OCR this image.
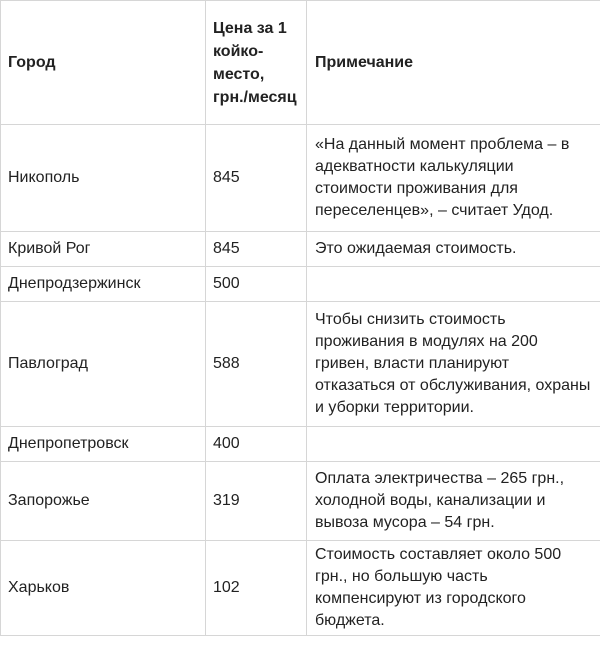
Город	Цена за 1 койко-место, грн./месяц	Примечание
Никополь	845	«На данный момент проблема – в адекватности калькуляции стоимости проживания для переселенцев», – считает Удод.
Кривой Рог	845	Это ожидаемая стоимость.
Днепродзержинск	500	
Павлоград	588	Чтобы снизить стоимость проживания в модулях на 200 гривен, власти планируют отказаться от обслуживания, охраны и уборки территории.
Днепропетровск	400	
Запорожье	319	Оплата электричества – 265 грн., холодной воды, канализации и вывоза мусора – 54 грн.
Харьков	102	Стоимость составляет около 500 грн., но большую часть компенсируют из городского бюджета.
